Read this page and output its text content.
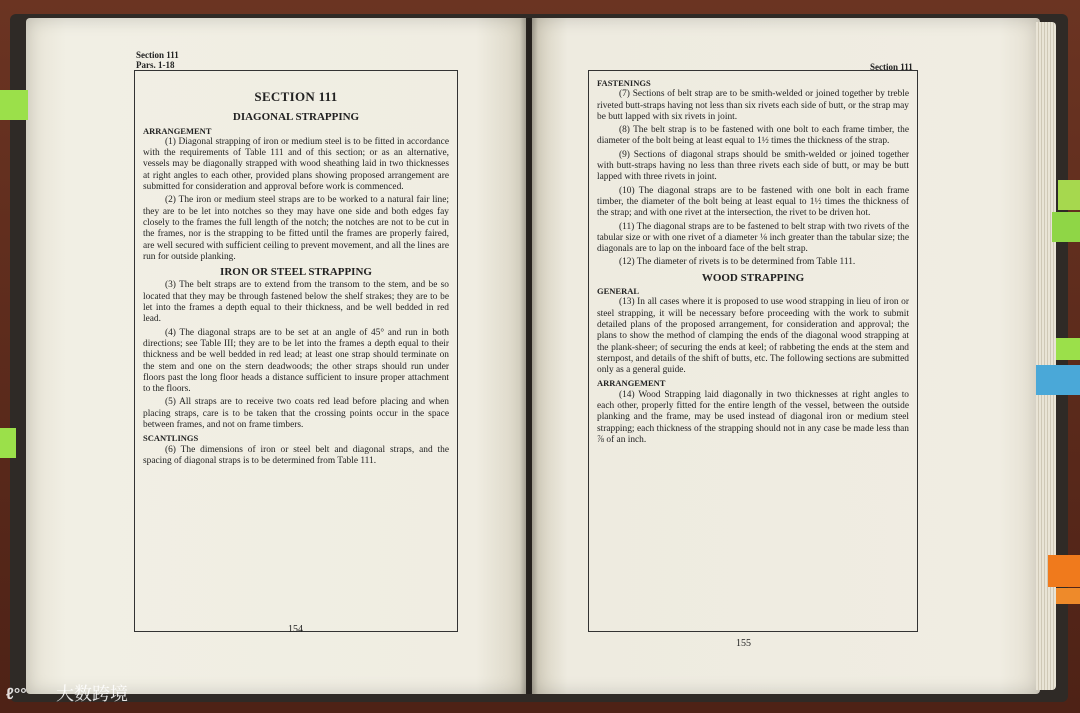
Section 111
Pars. 1-18
SECTION 111
DIAGONAL STRAPPING
ARRANGEMENT

(1) Diagonal strapping of iron or medium steel is to be fitted in accordance with the requirements of Table 111 and of this section; or as an alternative, vessels may be diagonally strapped with wood sheathing laid in two thicknesses at right angles to each other, provided plans showing proposed arrangement are submitted for consideration and approval before work is commenced.

(2) The iron or medium steel straps are to be worked to a natural fair line; they are to be let into notches so they may have one side and both edges fay closely to the frames the full length of the notch; the notches are not to be cut in the frames, nor is the strapping to be fitted until the frames are properly faired, are well secured with sufficient ceiling to prevent movement, and all the lines are run for outside planking.

IRON OR STEEL STRAPPING

(3) The belt straps are to extend from the transom to the stem, and be so located that they may be through fastened below the shelf strakes; they are to be let into the frames a depth equal to their thickness, and be well bedded in red lead.

(4) The diagonal straps are to be set at an angle of 45° and run in both directions; see Table III; they are to be let into the frames a depth equal to their thickness and be well bedded in red lead; at least one strap should terminate on the stem and one on the stern deadwoods; the other straps should run under floors past the long floor heads a distance sufficient to insure proper attachment to the floors.

(5) All straps are to receive two coats red lead before placing and when placing straps, care is to be taken that the crossing points occur in the space between frames, and not on frame timbers.

SCANTLINGS

(6) The dimensions of iron or steel belt and diagonal straps, and the spacing of diagonal straps is to be determined from Table 111.

154
Section 111
FASTENINGS

(7) Sections of belt strap are to be smith-welded or joined together by treble riveted butt-straps having not less than six rivets each side of butt, or the strap may be butt lapped with six rivets in joint.

(8) The belt strap is to be fastened with one bolt to each frame timber, the diameter of the bolt being at least equal to 1½ times the thickness of the strap.

(9) Sections of diagonal straps should be smith-welded or joined together with butt-straps having no less than three rivets each side of butt, or may be butt lapped with three rivets in joint.

(10) The diagonal straps are to be fastened with one bolt in each frame timber, the diameter of the bolt being at least equal to 1½ times the thickness of the strap; and with one rivet at the intersection, the rivet to be driven hot.

(11) The diagonal straps are to be fastened to belt strap with two rivets of the tabular size or with one rivet of a diameter ⅛ inch greater than the tabular size; the diagonals are to lap on the inboard face of the belt strap.

(12) The diameter of rivets is to be determined from Table 111.

WOOD STRAPPING
GENERAL

(13) In all cases where it is proposed to use wood strapping in lieu of iron or steel strapping, it will be necessary before proceeding with the work to submit detailed plans of the proposed arrangement, for consideration and approval; the plans to show the method of clamping the ends of the diagonal wood strapping at the plank-sheer; of securing the ends at keel; of rabbeting the ends at the stem and sternpost, and details of the shift of butts, etc. The following sections are submitted only as a general guide.

ARRANGEMENT

(14) Wood Strapping laid diagonally in two thicknesses at right angles to each other, properly fitted for the entire length of the vessel, between the outside planking and the frame, may be used instead of diagonal iron or medium steel strapping; each thickness of the strapping should not in any case be made less than ⅞ of an inch.

155
ℓ°° 大数跨境
